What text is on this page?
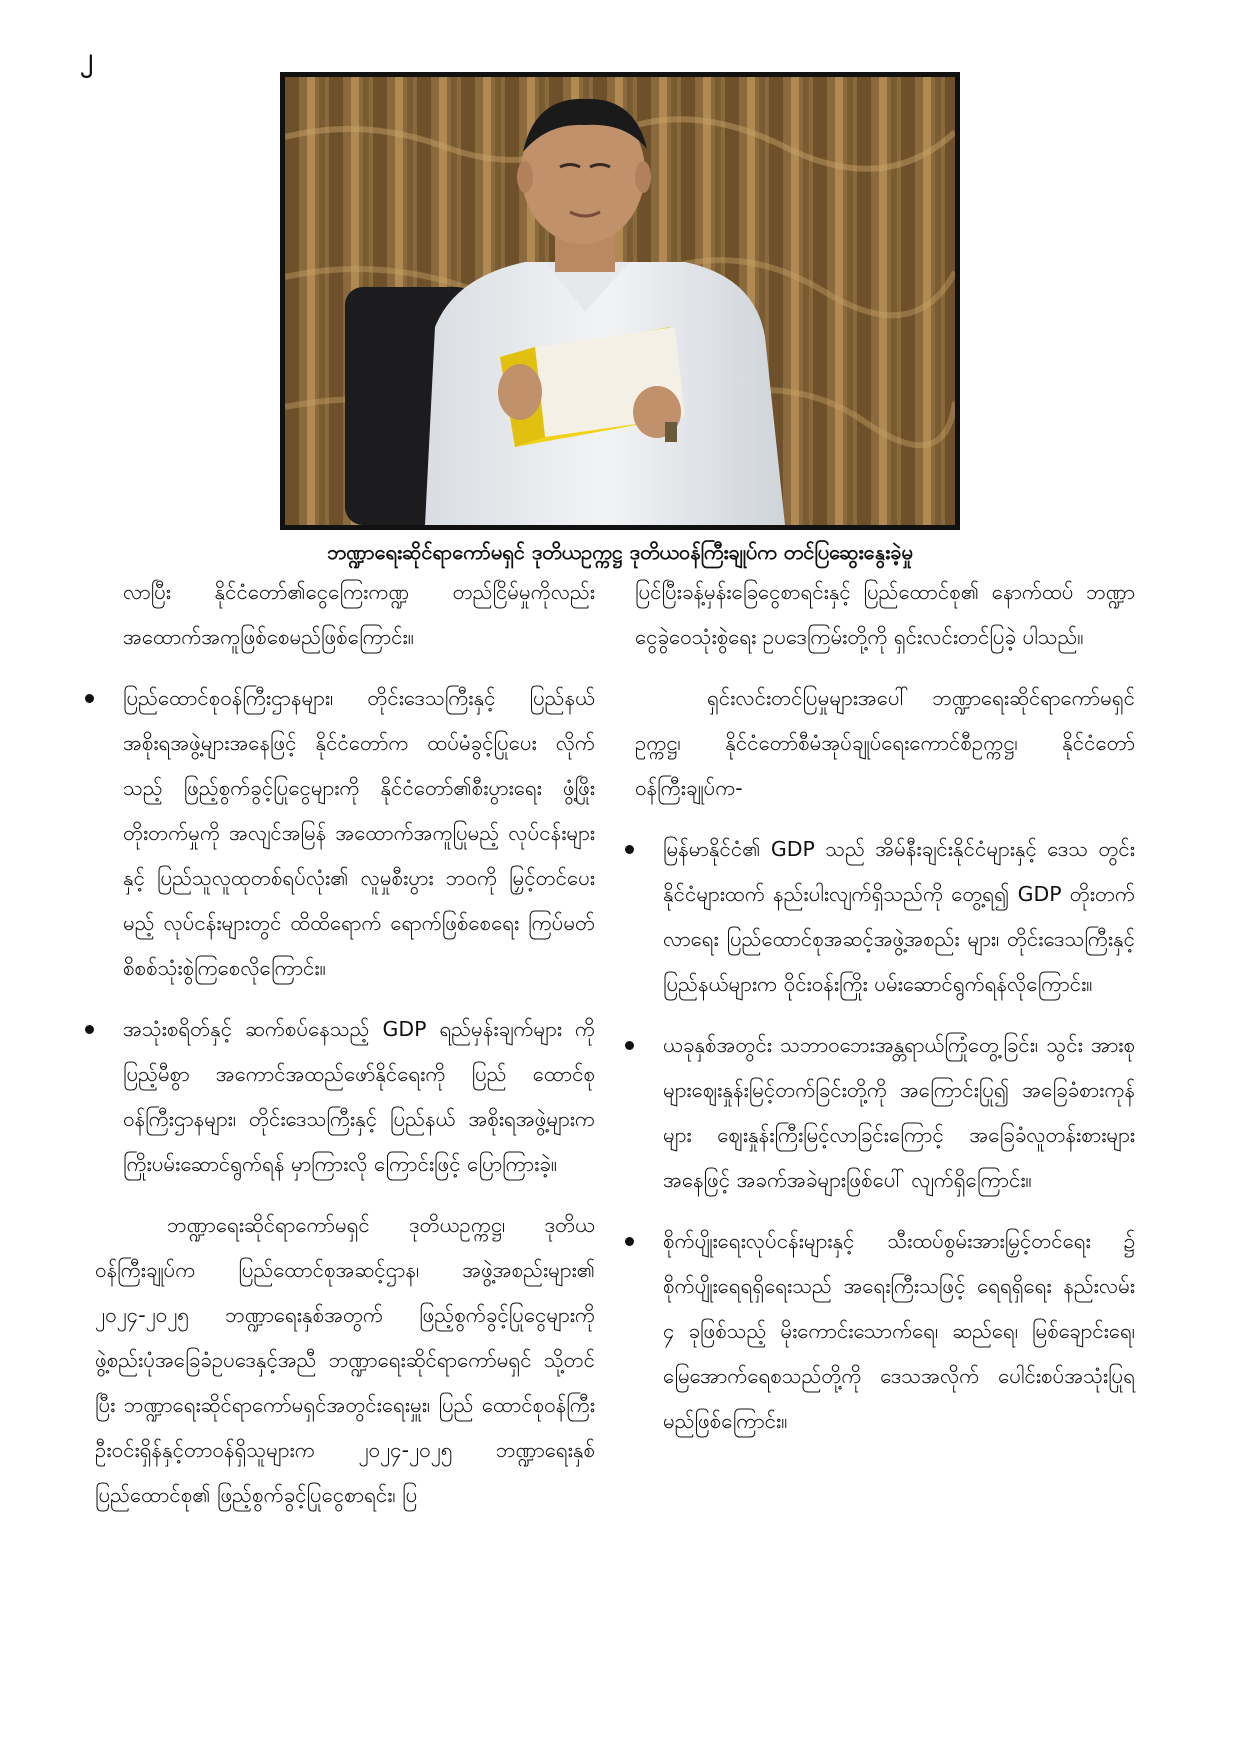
၂
ဘဏ္ဍာရေးဆိုင်ရာကော်မရှင် ဒုတိယဥက္ကဋ္ဌ ဒုတိယဝန်ကြီးချုပ်က တင်ပြဆွေးနွေးခဲ့မှု

လာပြီး နိုင်ငံတော်၏ငွေကြေးကဏ္ဍ တည်ငြိမ်မှုကိုလည်း အထောက်အကူဖြစ်စေမည်ဖြစ်ကြောင်း။

ပြည်ထောင်စုဝန်ကြီးဌာနများ၊ တိုင်းဒေသကြီးနှင့် ပြည်နယ် အစိုးရအဖွဲ့များအနေဖြင့် နိုင်ငံတော်က ထပ်မံခွင့်ပြုပေး လိုက်သည့် ဖြည့်စွက်ခွင့်ပြုငွေများကို နိုင်ငံတော်၏စီးပွားရေး ဖွံ့ဖြိုးတိုးတက်မှုကို အလျင်အမြန် အထောက်အကူပြုမည့် လုပ်ငန်းများနှင့် ပြည်သူလူထုတစ်ရပ်လုံး၏ လူမှုစီးပွား ဘဝကို မြှင့်တင်ပေးမည့် လုပ်ငန်းများတွင် ထိထိရောက် ရောက်ဖြစ်စေရေး ကြပ်မတ်စိစစ်သုံးစွဲကြစေလိုကြောင်း။
အသုံးစရိတ်နှင့် ဆက်စပ်နေသည့် GDP ရည်မှန်းချက်များ ကို ပြည့်မီစွာ အကောင်အထည်ဖော်နိုင်ရေးကို ပြည် ထောင်စုဝန်ကြီးဌာနများ၊ တိုင်းဒေသကြီးနှင့် ပြည်နယ် အစိုးရအဖွဲ့များက ကြိုးပမ်းဆောင်ရွက်ရန် မှာကြားလို ကြောင်းဖြင့် ပြောကြားခဲ့။

ဘဏ္ဍာရေးဆိုင်ရာကော်မရှင် ဒုတိယဥက္ကဋ္ဌ၊ ဒုတိယ ဝန်ကြီးချုပ်က ပြည်ထောင်စုအဆင့်ဌာန၊ အဖွဲ့အစည်းများ၏ ၂၀၂၄-၂၀၂၅ ဘဏ္ဍာရေးနှစ်အတွက် ဖြည့်စွက်ခွင့်ပြုငွေများကို ဖွဲ့စည်းပုံအခြေခံဥပဒေနှင့်အညီ ဘဏ္ဍာရေးဆိုင်ရာကော်မရှင် သို့တင်ပြီး ဘဏ္ဍာရေးဆိုင်ရာကော်မရှင်အတွင်းရေးမှူး၊ ပြည် ထောင်စုဝန်ကြီး ဦးဝင်းရှိန်နှင့်တာဝန်ရှိသူများက ၂၀၂၄-၂၀၂၅ ဘဏ္ဍာရေးနှစ် ပြည်ထောင်စု၏ ဖြည့်စွက်ခွင့်ပြုငွေစာရင်း၊ ပြ

ပြင်ပြီးခန့်မှန်းခြေငွေစာရင်းနှင့် ပြည်ထောင်စု၏ နောက်ထပ် ဘဏ္ဍာငွေခွဲဝေသုံးစွဲရေး ဥပဒေကြမ်းတို့ကို ရှင်းလင်းတင်ပြခဲ့ ပါသည်။

ရှင်းလင်းတင်ပြမှုများအပေါ် ဘဏ္ဍာရေးဆိုင်ရာကော်မရှင် ဥက္ကဋ္ဌ၊ နိုင်ငံတော်စီမံအုပ်ချုပ်ရေးကောင်စီဥက္ကဋ္ဌ၊ နိုင်ငံတော် ဝန်ကြီးချုပ်က-

မြန်မာနိုင်ငံ၏ GDP သည် အိမ်နီးချင်းနိုင်ငံများနှင့် ဒေသ တွင်းနိုင်ငံများထက် နည်းပါးလျက်ရှိသည်ကို တွေ့ရ၍ GDP တိုးတက်လာရေး ပြည်ထောင်စုအဆင့်အဖွဲ့အစည်း များ၊ တိုင်းဒေသကြီးနှင့် ပြည်နယ်များက ဝိုင်းဝန်းကြိုး ပမ်းဆောင်ရွက်ရန်လိုကြောင်း။
ယခုနှစ်အတွင်း သဘာဝဘေးအန္တရာယ်ကြုံတွေ့ခြင်း၊ သွင်း အားစုများဈေးနှုန်းမြင့်တက်ခြင်းတို့ကို အကြောင်းပြု၍ အခြေခံစားကုန်များ ဈေးနှုန်းကြီးမြင့်လာခြင်းကြောင့် အခြေခံလူတန်းစားများအနေဖြင့် အခက်အခဲများဖြစ်ပေါ် လျက်ရှိကြောင်း။
စိုက်ပျိုးရေးလုပ်ငန်းများနှင့် သီးထပ်စွမ်းအားမြှင့်တင်ရေး ၌ စိုက်ပျိုးရေရရှိရေးသည် အရေးကြီးသဖြင့် ရေရရှိရေး နည်းလမ်း ၄ ခုဖြစ်သည့် မိုးကောင်းသောက်ရေ၊ ဆည်ရေ၊ မြစ်ချောင်းရေ၊ မြေအောက်ရေစသည်တို့ကို ဒေသအလိုက် ပေါင်းစပ်အသုံးပြုရမည်ဖြစ်ကြောင်း။
